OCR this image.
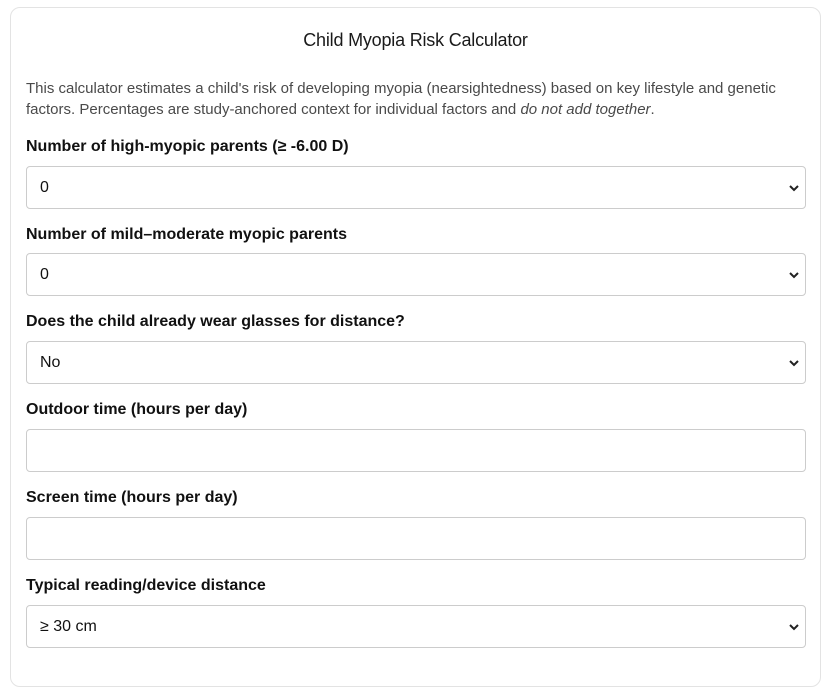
Child Myopia Risk Calculator
This calculator estimates a child's risk of developing myopia (nearsightedness) based on key lifestyle and genetic factors. Percentages are study-anchored context for individual factors and do not add together.
Number of high-myopic parents (≥ -6.00 D)
0
Number of mild–moderate myopic parents
0
Does the child already wear glasses for distance?
No
Outdoor time (hours per day)
Screen time (hours per day)
Typical reading/device distance
≥ 30 cm
